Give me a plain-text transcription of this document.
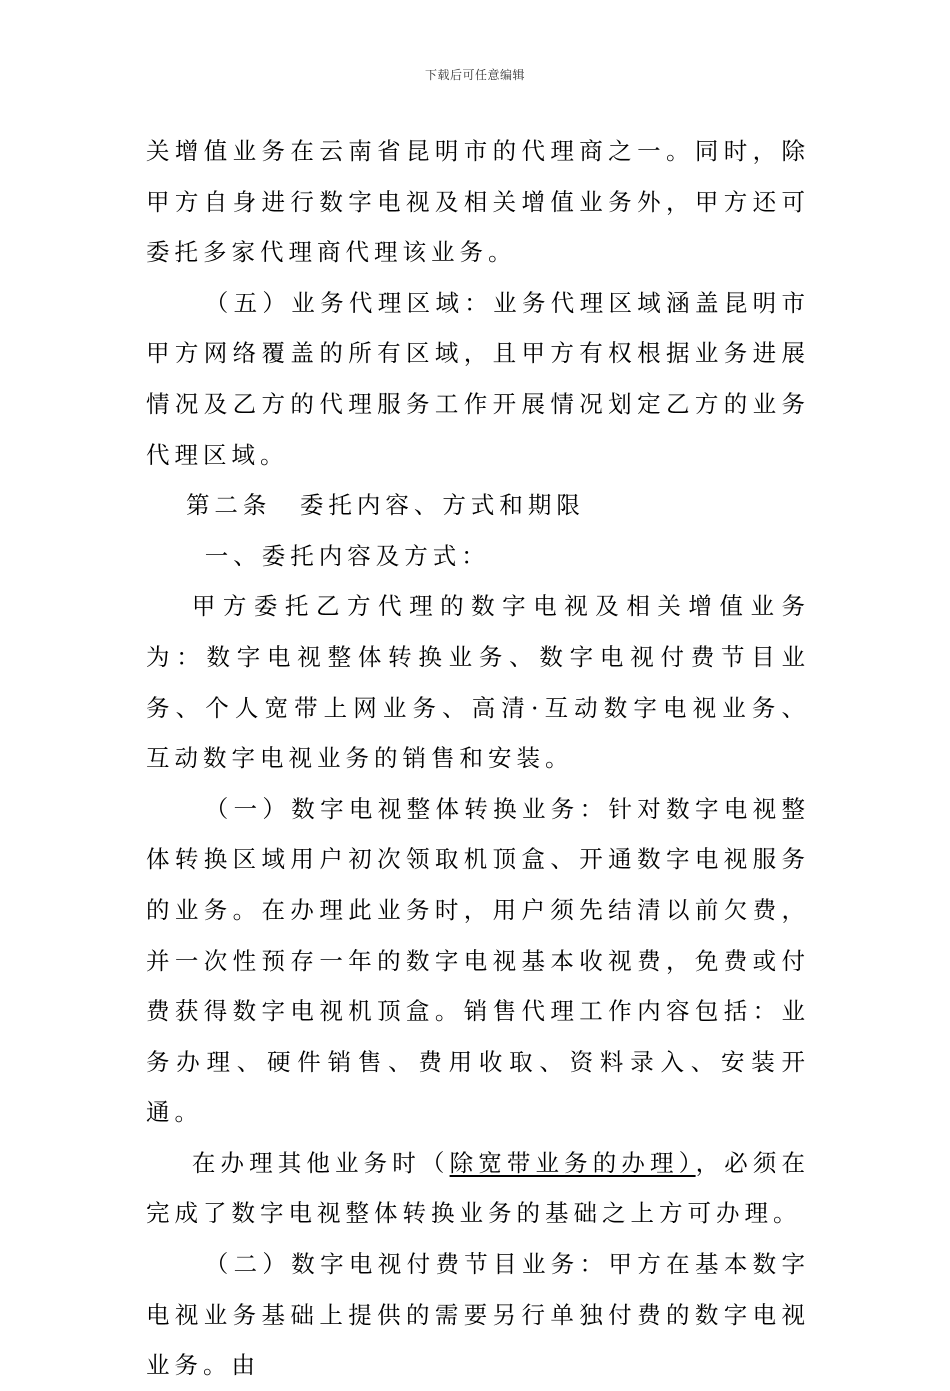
下载后可任意编辑

关增值业务在云南省昆明市的代理商之一。同时，除甲方自身进行数字电视及相关增值业务外，甲方还可委托多家代理商代理该业务。

（五）业务代理区域：业务代理区域涵盖昆明市甲方网络覆盖的所有区域，且甲方有权根据业务进展情况及乙方的代理服务工作开展情况划定乙方的业务代理区域。

第二条　委托内容、方式和期限

一、委托内容及方式：

甲方委托乙方代理的数字电视及相关增值业务为：数字电视整体转换业务、数字电视付费节目业务、个人宽带上网业务、高清·互动数字电视业务、互动数字电视业务的销售和安装。

（一）数字电视整体转换业务：针对数字电视整体转换区域用户初次领取机顶盒、开通数字电视服务的业务。在办理此业务时，用户须先结清以前欠费，并一次性预存一年的数字电视基本收视费，免费或付费获得数字电视机顶盒。销售代理工作内容包括：业务办理、硬件销售、费用收取、资料录入、安装开通。

在办理其他业务时（除宽带业务的办理），必须在完成了数字电视整体转换业务的基础之上方可办理。

（二）数字电视付费节目业务：甲方在基本数字电视业务基础上提供的需要另行单独付费的数字电视业务。由
